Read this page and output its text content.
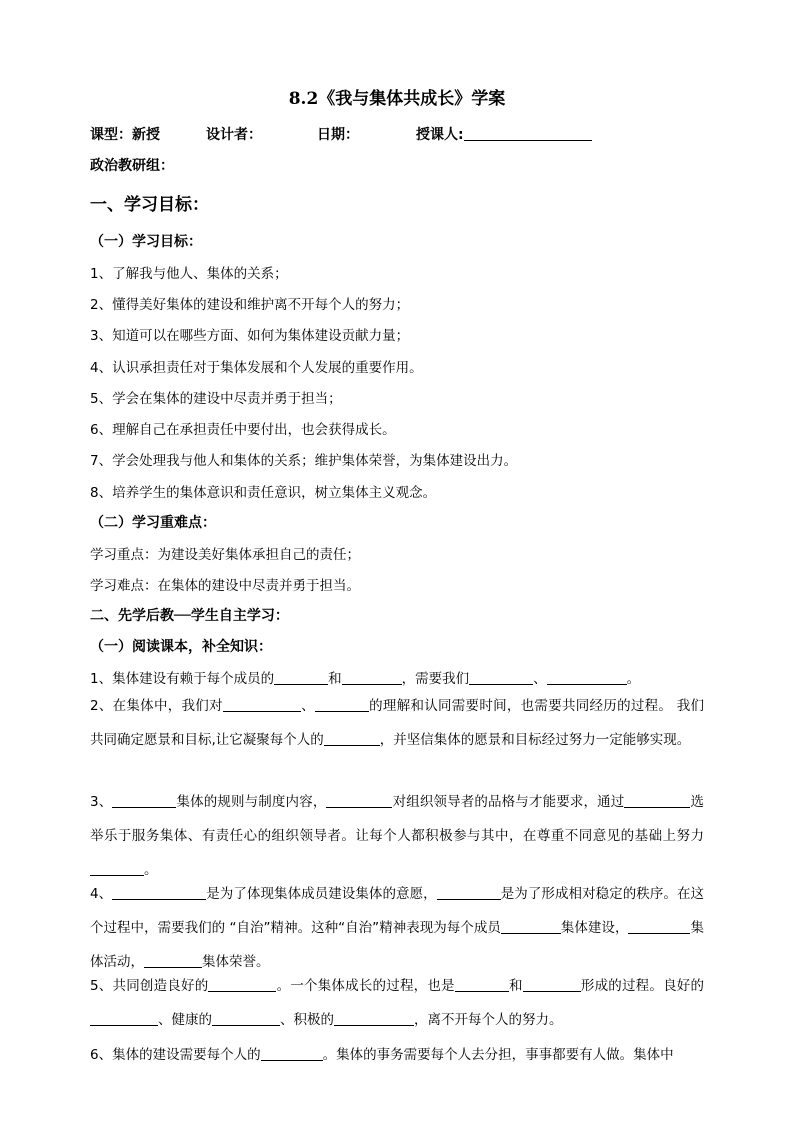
8.2《我与集体共成长》学案
课型：新授	设计者：	日期：	授课人:
政治教研组：
一、学习目标：
（一）学习目标：
1、了解我与他人、集体的关系；
2、懂得美好集体的建设和维护离不开每个人的努力；
3、知道可以在哪些方面、如何为集体建设贡献力量；
4、认识承担责任对于集体发展和个人发展的重要作用。
5、学会在集体的建设中尽责并勇于担当；
6、理解自己在承担责任中要付出，也会获得成长。
7、学会处理我与他人和集体的关系；维护集体荣誉，为集体建设出力。
8、培养学生的集体意识和责任意识，树立集体主义观念。
（二）学习重难点：
学习重点：为建设美好集体承担自己的责任；
学习难点：在集体的建设中尽责并勇于担当。
二、先学后教──学生自主学习：
（一）阅读课本，补全知识：
1、集体建设有赖于每个成员的	和	，需要我们	、	。
2、在集体中，我们对	、	的理解和认同需要时间，也需要共同经历的过程。 我们共同确定愿景和目标,让它凝聚每个人的	，并坚信集体的愿景和目标经过努力一定能够实现。
3、	集体的规则与制度内容，	对组织领导者的品格与才能要求，通过	选举乐于服务集体、有责任心的组织领导者。让每个人都积极参与其中，在尊重不同意见的基础上努力。
4、	是为了体现集体成员建设集体的意愿，	是为了形成相对稳定的秩序。在这个过程中，需要我们的 “自治”精神。这种“自治”精神表现为每个成员	集体建设，	集体活动，	集体荣誉。
5、共同创造良好的	。一个集体成长的过程，也是	和	形成的过程。良好的、健康的	、积极的	，离不开每个人的努力。
6、集体的建设需要每个人的	。集体的事务需要每个人去分担，事事都要有人做。集体中
